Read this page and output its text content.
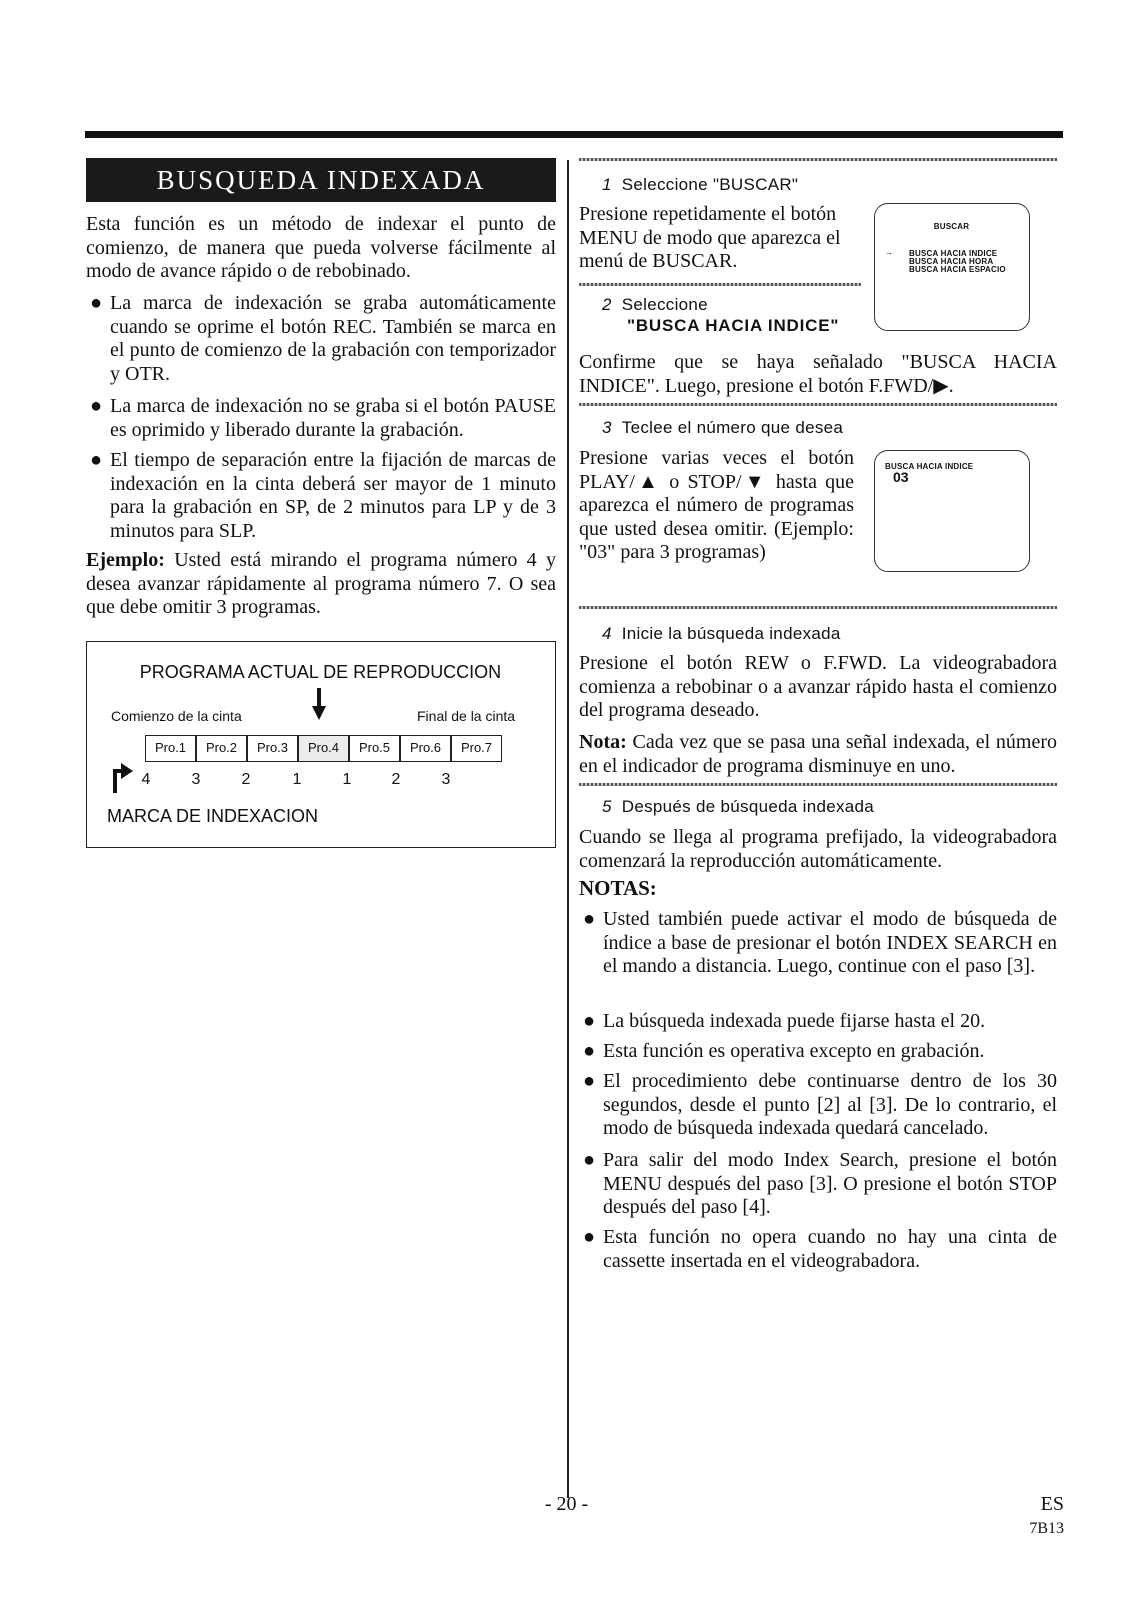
BUSQUEDA INDEXADA
Esta función es un método de indexar el punto de comienzo, de manera que pueda volverse fácilmente al modo de avance rápido o de rebobinado.
● La marca de indexación se graba automáticamente cuando se oprime el botón REC. También se marca en el punto de comienzo de la grabación con temporizador y OTR.
● La marca de indexación no se graba si el botón PAUSE es oprimido y liberado durante la grabación.
● El tiempo de separación entre la fijación de marcas de indexación en la cinta deberá ser mayor de 1 minuto para la grabación en SP, de 2 minutos para LP y de 3 minutos para SLP.
Ejemplo: Usted está mirando el programa número 4 y desea avanzar rápidamente al programa número 7. O sea que debe omitir 3 programas.
PROGRAMA ACTUAL DE REPRODUCCION
Comienzo de la cinta	Final de la cinta
Pro.1	Pro.2	Pro.3	Pro.4	Pro.5	Pro.6	Pro.7
4	3	2	1	1	2	3
MARCA DE INDEXACION
1 Seleccione "BUSCAR"
Presione repetidamente el botón MENU de modo que aparezca el menú de BUSCAR.
BUSCAR
→ BUSCA HACIA INDICE
BUSCA HACIA HORA
BUSCA HACIA ESPACIO
2 Seleccione
"BUSCA HACIA INDICE"
Confirme que se haya señalado "BUSCA HACIA INDICE". Luego, presione el botón F.FWD/▶.
3 Teclee el número que desea
Presione varias veces el botón PLAY/▲ o STOP/▼ hasta que aparezca el número de programas que usted desea omitir. (Ejemplo: "03" para 3 programas)
BUSCA HACIA INDICE
03
4 Inicie la búsqueda indexada
Presione el botón REW o F.FWD. La videograbadora comienza a rebobinar o a avanzar rápido hasta el comienzo del programa deseado.
Nota: Cada vez que se pasa una señal indexada, el número en el indicador de programa disminuye en uno.
5 Después de búsqueda indexada
Cuando se llega al programa prefijado, la videograbadora comenzará la reproducción automáticamente.
NOTAS:
● Usted también puede activar el modo de búsqueda de índice a base de presionar el botón INDEX SEARCH en el mando a distancia. Luego, continue con el paso [3].
● La búsqueda indexada puede fijarse hasta el 20.
● Esta función es operativa excepto en grabación.
● El procedimiento debe continuarse dentro de los 30 segundos, desde el punto [2] al [3]. De lo contrario, el modo de búsqueda indexada quedará cancelado.
● Para salir del modo Index Search, presione el botón MENU después del paso [3]. O presione el botón STOP después del paso [4].
● Esta función no opera cuando no hay una cinta de cassette insertada en el videograbadora.
- 20 -	ES
7B13
